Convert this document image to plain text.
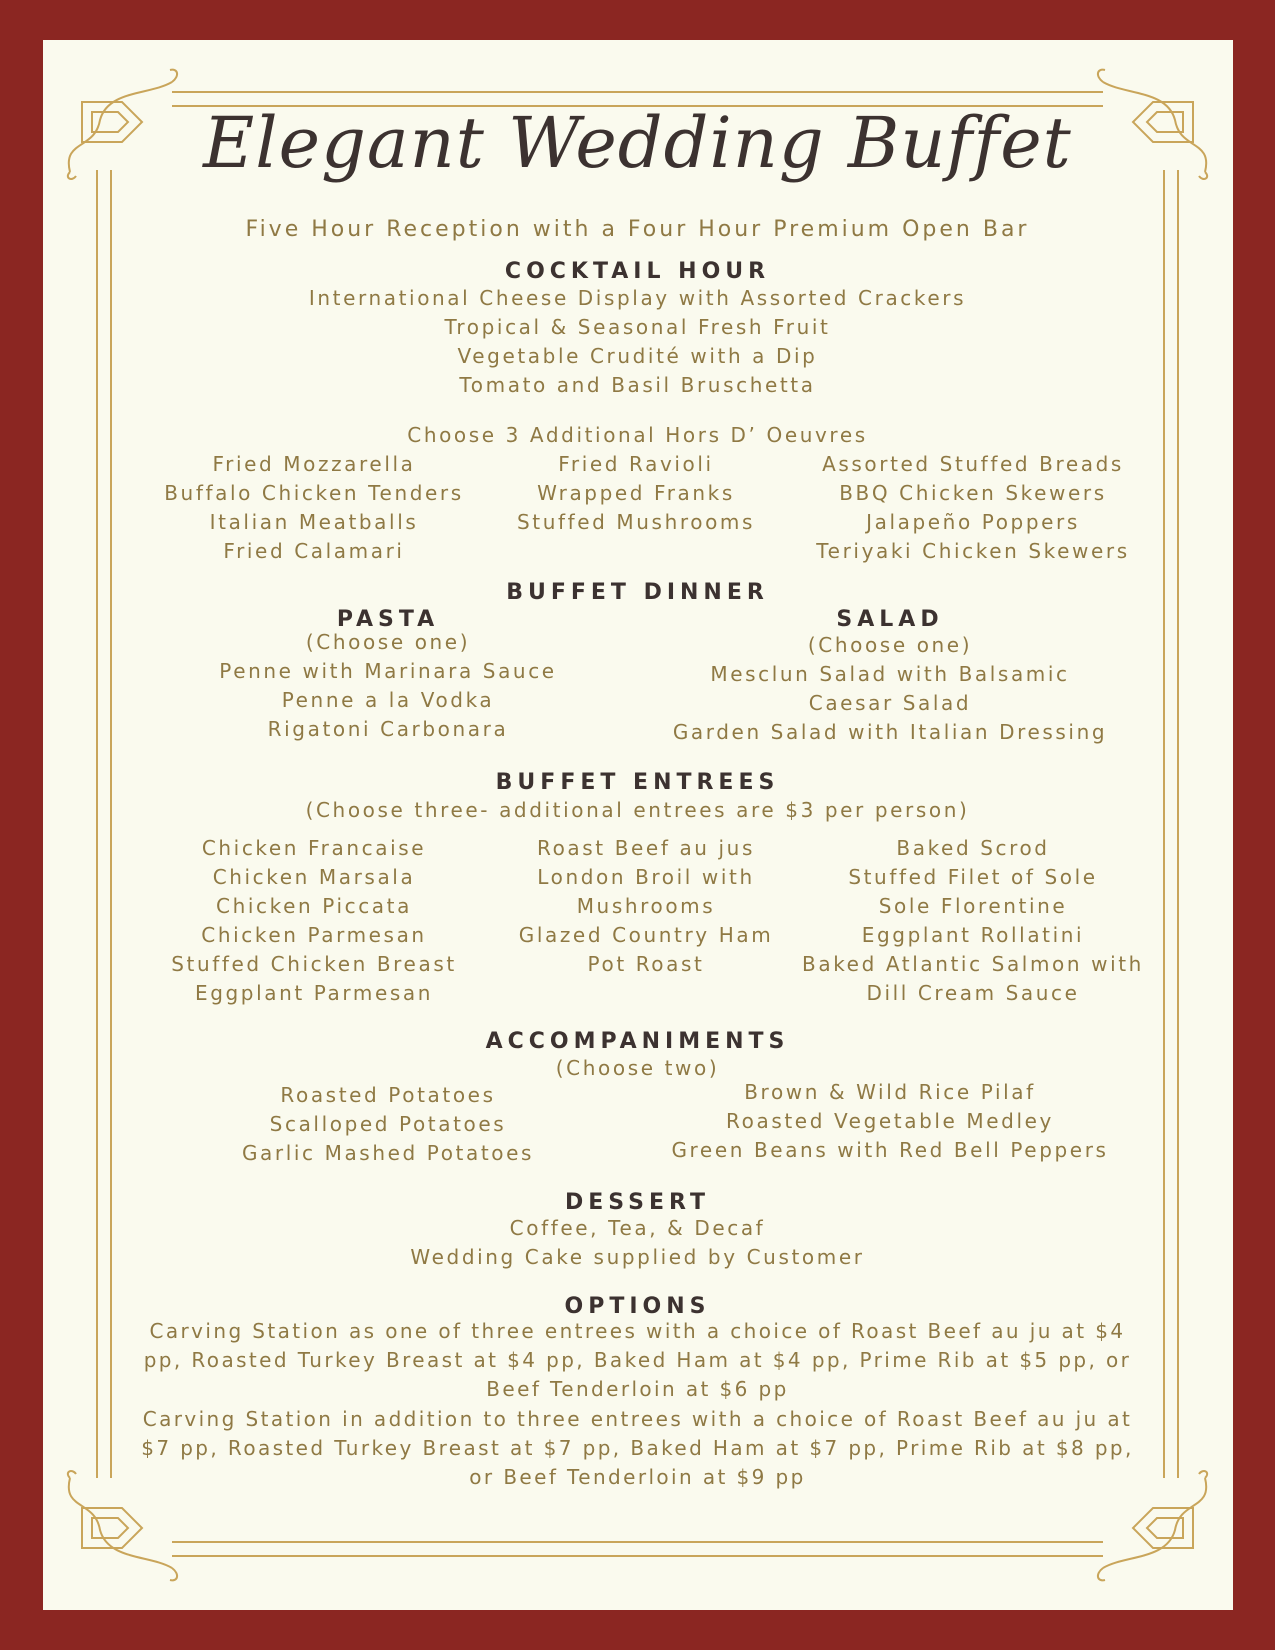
Elegant Wedding Buffet
Five Hour Reception with a Four Hour Premium Open Bar
COCKTAIL HOUR
International Cheese Display with Assorted Crackers
Tropical & Seasonal Fresh Fruit
Vegetable Crudité with a Dip
Tomato and Basil Bruschetta
Choose 3 Additional Hors D’ Oeuvres
Fried Mozzarella
Buffalo Chicken Tenders
Italian Meatballs
Fried Calamari
Fried Ravioli
Wrapped Franks
Stuffed Mushrooms
Assorted Stuffed Breads
BBQ Chicken Skewers
Jalapeño Poppers
Teriyaki Chicken Skewers
BUFFET DINNER
PASTA
(Choose one)
Penne with Marinara Sauce
Penne a la Vodka
Rigatoni Carbonara
SALAD
(Choose one)
Mesclun Salad with Balsamic
Caesar Salad
Garden Salad with Italian Dressing
BUFFET ENTREES
(Choose three- additional entrees are $3 per person)
Chicken Francaise
Chicken Marsala
Chicken Piccata
Chicken Parmesan
Stuffed Chicken Breast
Eggplant Parmesan
Roast Beef au jus
London Broil with
Mushrooms
Glazed Country Ham
Pot Roast
Baked Scrod
Stuffed Filet of Sole
Sole Florentine
Eggplant Rollatini
Baked Atlantic Salmon with
Dill Cream Sauce
ACCOMPANIMENTS
(Choose two)
Roasted Potatoes
Scalloped Potatoes
Garlic Mashed Potatoes
Brown & Wild Rice Pilaf
Roasted Vegetable Medley
Green Beans with Red Bell Peppers
DESSERT
Coffee, Tea, & Decaf
Wedding Cake supplied by Customer
OPTIONS
Carving Station as one of three entrees with a choice of Roast Beef au ju at $4 pp, Roasted Turkey Breast at $4 pp, Baked Ham at $4 pp, Prime Rib at $5 pp, or Beef Tenderloin at $6 pp
Carving Station in addition to three entrees with a choice of Roast Beef au ju at $7 pp, Roasted Turkey Breast at $7 pp, Baked Ham at $7 pp, Prime Rib at $8 pp, or Beef Tenderloin at $9 pp
